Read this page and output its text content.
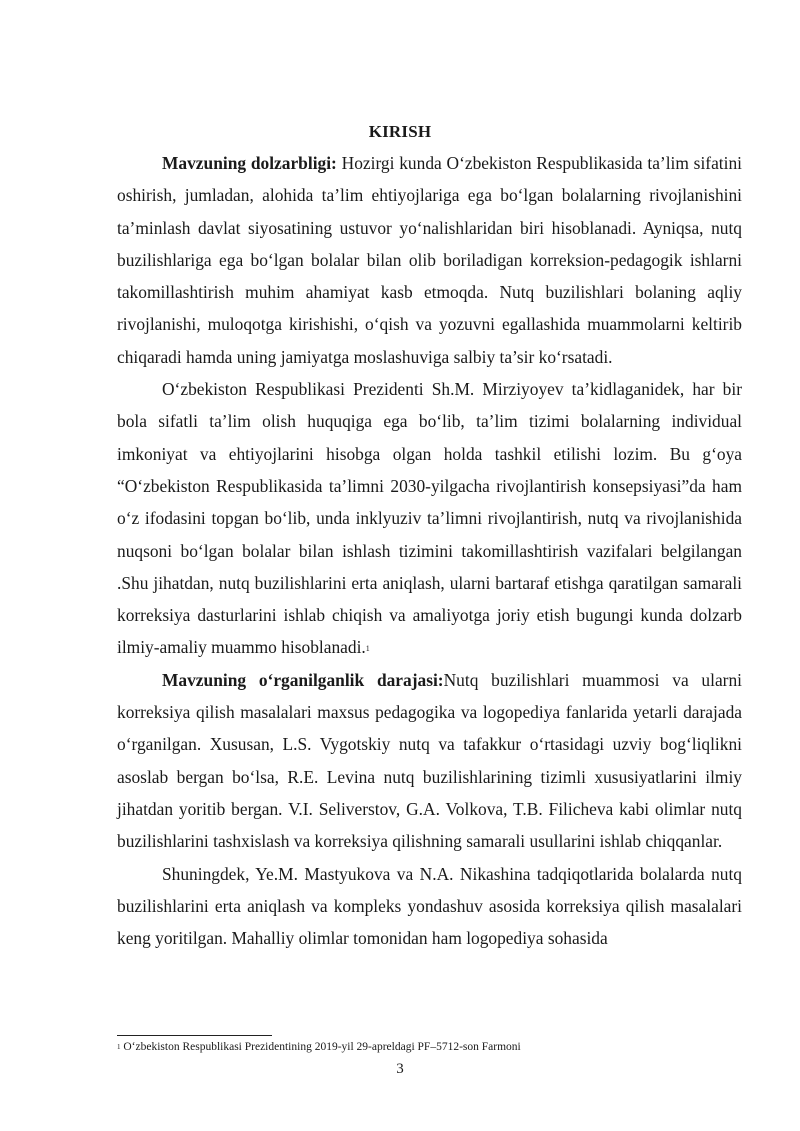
KIRISH

Mavzuning dolzarbligi: Hozirgi kunda O‘zbekiston Respublikasida ta’lim sifatini oshirish, jumladan, alohida ta’lim ehtiyojlariga ega bo‘lgan bolalarning rivojlanishini ta’minlash davlat siyosatining ustuvor yo‘nalishlaridan biri hisoblanadi. Ayniqsa, nutq buzilishlariga ega bo‘lgan bolalar bilan olib boriladigan korreksion-pedagogik ishlarni takomillashtirish muhim ahamiyat kasb etmoqda. Nutq buzilishlari bolaning aqliy rivojlanishi, muloqotga kirishishi, o‘qish va yozuvni egallashida muammolarni keltirib chiqaradi hamda uning jamiyatga moslashuviga salbiy ta’sir ko‘rsatadi.

O‘zbekiston Respublikasi Prezidenti Sh.M. Mirziyoyev ta’kidlaganidek, har bir bola sifatli ta’lim olish huquqiga ega bo‘lib, ta’lim tizimi bolalarning individual imkoniyat va ehtiyojlarini hisobga olgan holda tashkil etilishi lozim. Bu g‘oya “O‘zbekiston Respublikasida ta’limni 2030-yilgacha rivojlantirish konsepsiyasi”da ham o‘z ifodasini topgan bo‘lib, unda inklyuziv ta’limni rivojlantirish, nutq va rivojlanishida nuqsoni bo‘lgan bolalar bilan ishlash tizimini takomillashtirish vazifalari belgilangan .Shu jihatdan, nutq buzilishlarini erta aniqlash, ularni bartaraf etishga qaratilgan samarali korreksiya dasturlarini ishlab chiqish va amaliyotga joriy etish bugungi kunda dolzarb ilmiy-amaliy muammo hisoblanadi.$^1$

Mavzuning o‘rganilganlik darajasi:Nutq buzilishlari muammosi va ularni korreksiya qilish masalalari maxsus pedagogika va logopediya fanlarida yetarli darajada o‘rganilgan. Xususan, L.S. Vygotskiy nutq va tafakkur o‘rtasidagi uzviy bog‘liqlikni asoslab bergan bo‘lsa, R.E. Levina nutq buzilishlarining tizimli xususiyatlarini ilmiy jihatdan yoritib bergan. V.I. Seliverstov, G.A. Volkova, T.B. Filicheva kabi olimlar nutq buzilishlarini tashxislash va korreksiya qilishning samarali usullarini ishlab chiqqanlar.

Shuningdek, Ye.M. Mastyukova va N.A. Nikashina tadqiqotlarida bolalarda nutq buzilishlarini erta aniqlash va kompleks yondashuv asosida korreksiya qilish masalalari keng yoritilgan. Mahalliy olimlar tomonidan ham logopediya sohasida

$^1$ O‘zbekiston Respublikasi Prezidentining 2019-yil 29-apreldagi PF–5712-son Farmoni
3
